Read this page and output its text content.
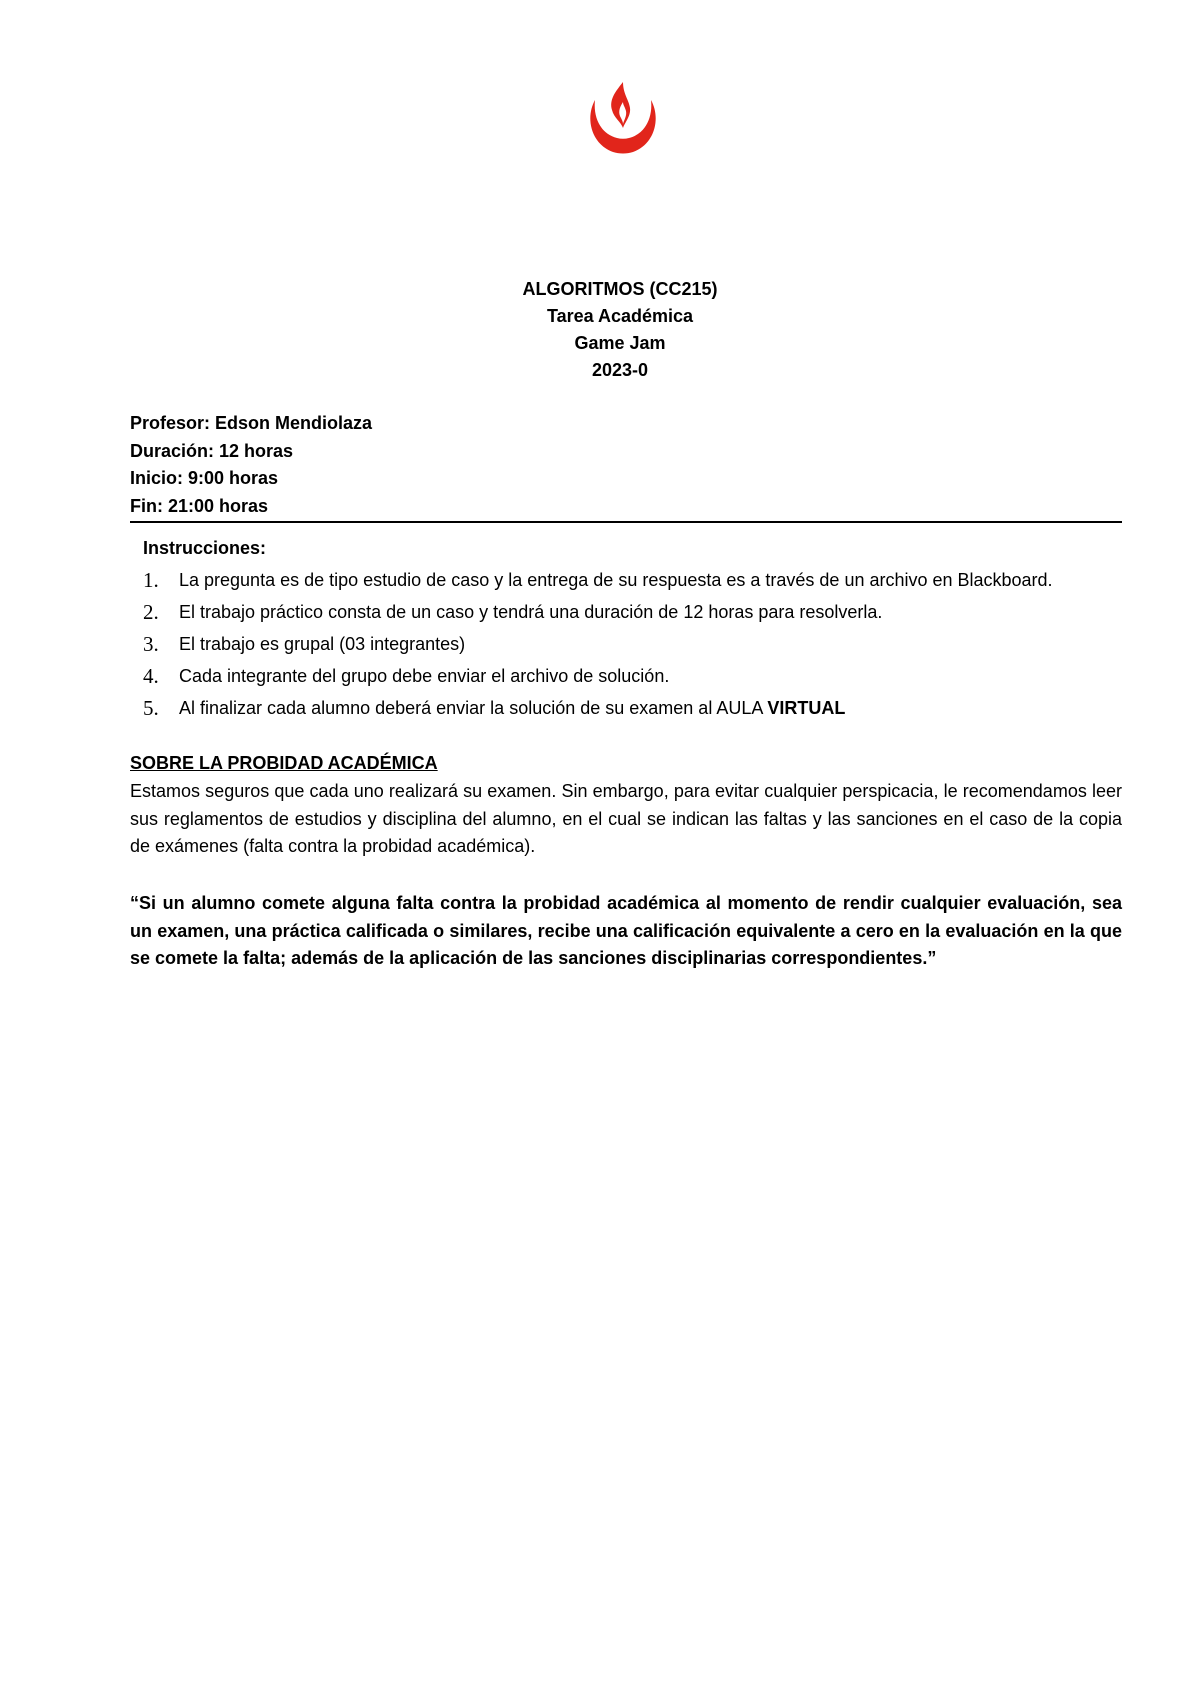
ALGORITMOS (CC215)
Tarea Académica
Game Jam
2023-0
Profesor: Edson Mendiolaza
Duración: 12 horas
Inicio: 9:00 horas
Fin: 21:00 horas
Instrucciones:
1. La pregunta es de tipo estudio de caso y la entrega de su respuesta es a través de un archivo en Blackboard.
2. El trabajo práctico consta de un caso y tendrá una duración de 12 horas para resolverla.
3. El trabajo es grupal (03 integrantes)
4. Cada integrante del grupo debe enviar el archivo de solución.
5. Al finalizar cada alumno deberá enviar la solución de su examen al AULA VIRTUAL
SOBRE LA PROBIDAD ACADÉMICA
Estamos seguros que cada uno realizará su examen. Sin embargo, para evitar cualquier perspicacia, le recomendamos leer sus reglamentos de estudios y disciplina del alumno, en el cual se indican las faltas y las sanciones en el caso de la copia de exámenes (falta contra la probidad académica).
“Si un alumno comete alguna falta contra la probidad académica al momento de rendir cualquier evaluación, sea un examen, una práctica calificada o similares, recibe una calificación equivalente a cero en la evaluación en la que se comete la falta; además de la aplicación de las sanciones disciplinarias correspondientes.”
